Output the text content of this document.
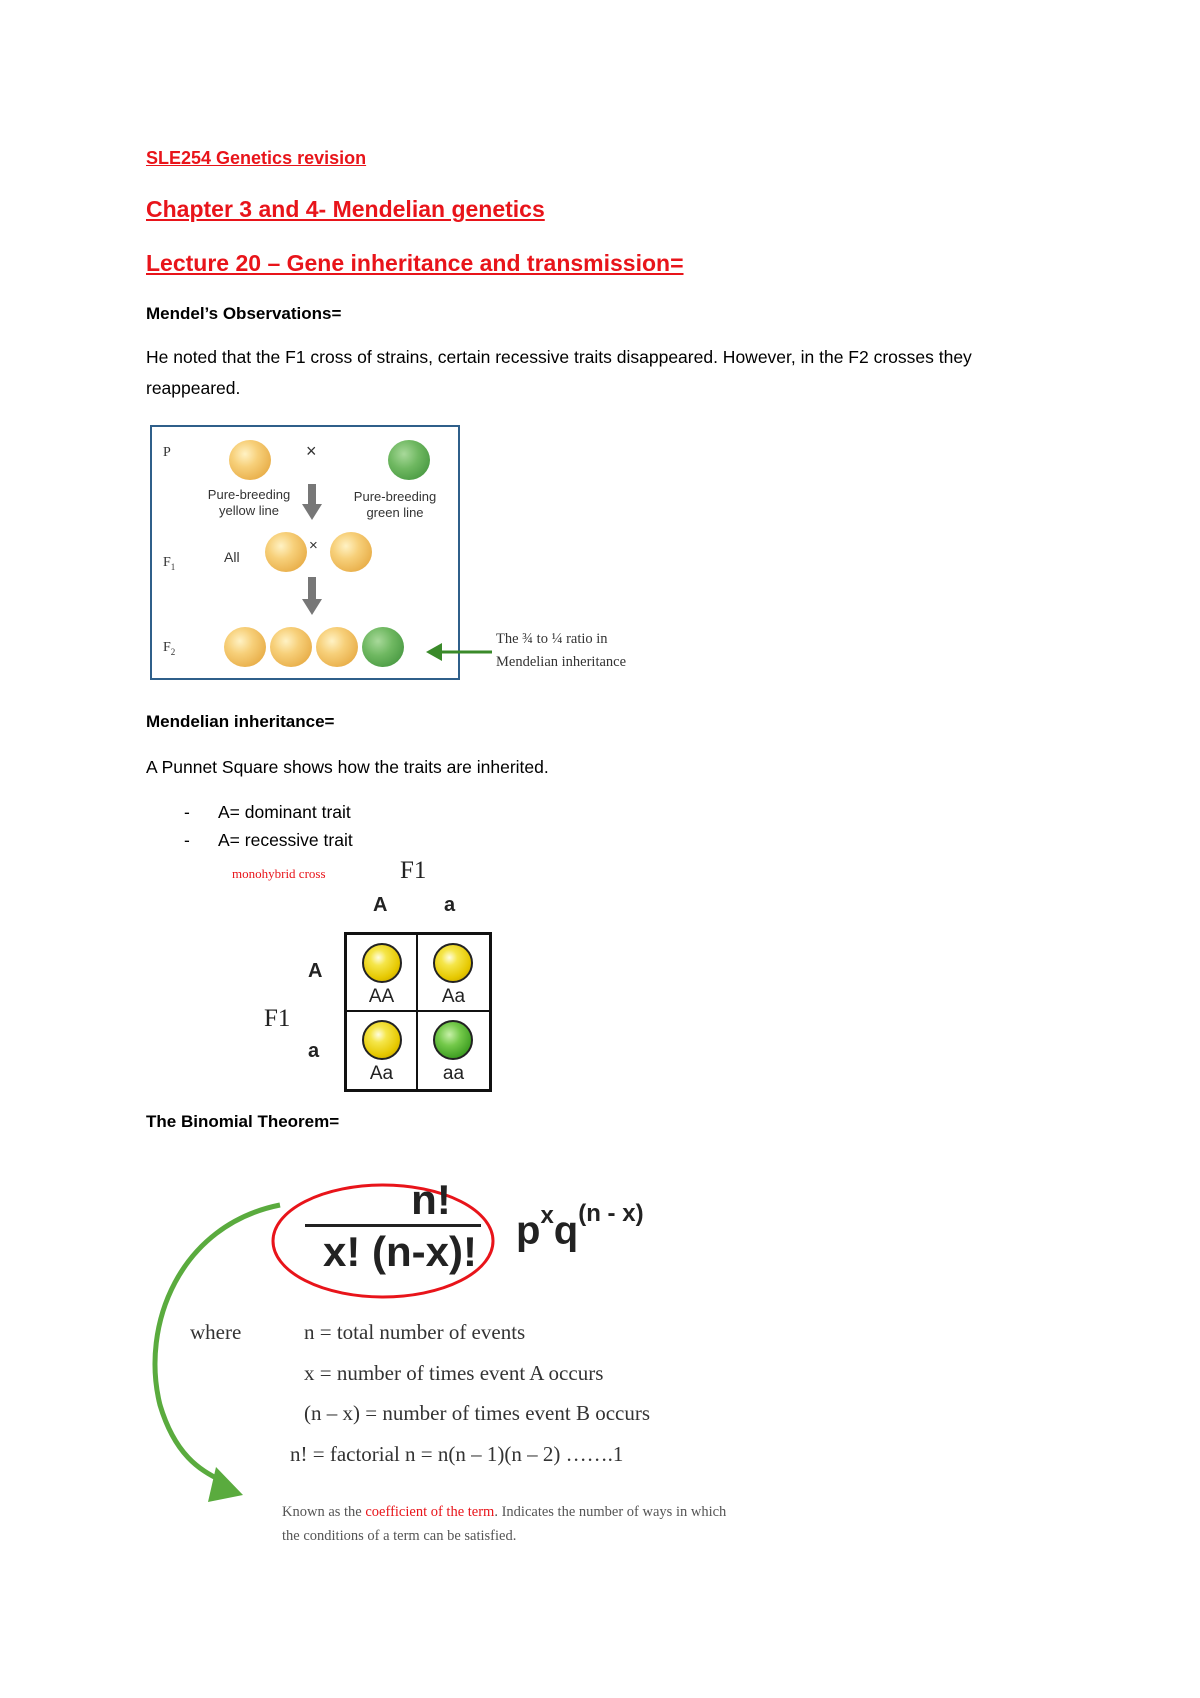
SLE254 Genetics revision
Chapter 3 and 4- Mendelian genetics
Lecture 20 – Gene inheritance and transmission=
Mendel’s Observations=
He noted that the F1 cross of strains, certain recessive traits disappeared. However, in the F2 crosses they reappeared.
P
$F_1$
$F_2$
×
Pure-breeding
yellow line
Pure-breeding
green line
All
×
The ¾ to ¼ ratio in
Mendelian inheritance
Mendelian inheritance=
A Punnet Square shows how the traits are inherited.
- A= dominant trait
- A= recessive trait
monohybrid cross	F1
A	a
A
a
F1
AA	Aa
Aa	aa
The Binomial Theorem=
n!
x! (n-x)! $p^xq^{(n - x)}$
where	n = total number of events
x = number of times event A occurs
(n – x) = number of times event B occurs
n! = factorial n = n(n – 1)(n – 2) …….1
Known as the coefficient of the term. Indicates the number of ways in which
the conditions of a term can be satisfied.
